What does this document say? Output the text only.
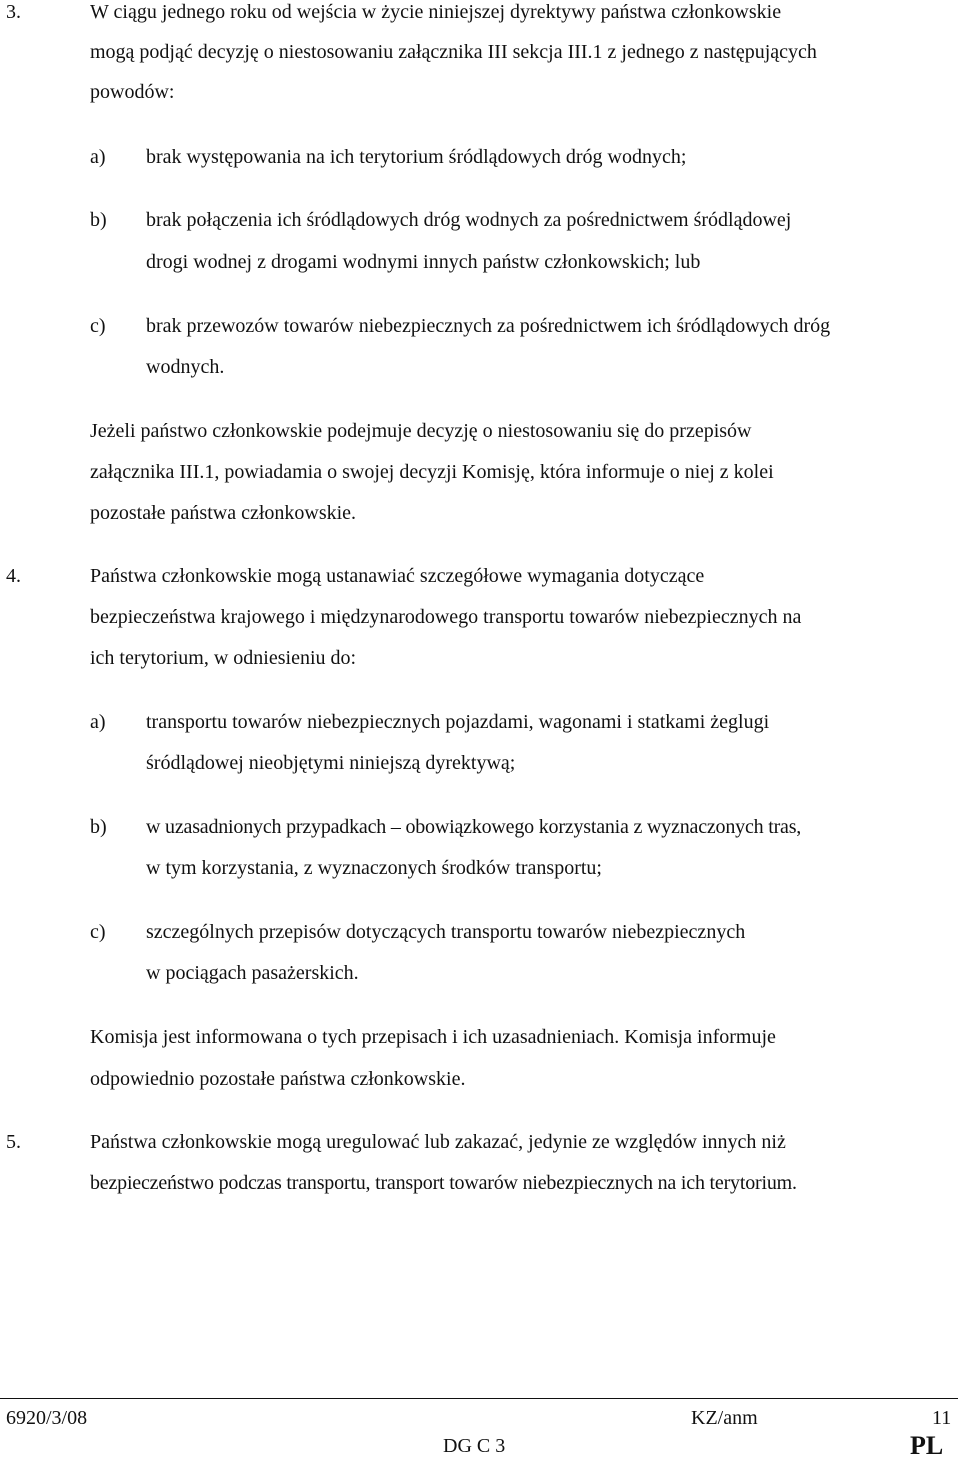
3.	W ciągu jednego roku od wejścia w życie niniejszej dyrektywy państwa członkowskie
mogą podjąć decyzję o niestosowaniu załącznika III sekcja III.1 z jednego z następujących
powodów:
a) brak występowania na ich terytorium śródlądowych dróg wodnych;
b) brak połączenia ich śródlądowych dróg wodnych za pośrednictwem śródlądowej
drogi wodnej z drogami wodnymi innych państw członkowskich; lub
c) brak przewozów towarów niebezpiecznych za pośrednictwem ich śródlądowych dróg
wodnych.
Jeżeli państwo członkowskie podejmuje decyzję o niestosowaniu się do przepisów
załącznika III.1, powiadamia o swojej decyzji Komisję, która informuje o niej z kolei
pozostałe państwa członkowskie.
4.	Państwa członkowskie mogą ustanawiać szczegółowe wymagania dotyczące
bezpieczeństwa krajowego i międzynarodowego transportu towarów niebezpiecznych na
ich terytorium, w odniesieniu do:
a) transportu towarów niebezpiecznych pojazdami, wagonami i statkami żeglugi
śródlądowej nieobjętymi niniejszą dyrektywą;
b) w uzasadnionych przypadkach – obowiązkowego korzystania z wyznaczonych tras,
w tym korzystania, z wyznaczonych środków transportu;
c) szczególnych przepisów dotyczących transportu towarów niebezpiecznych
w pociągach pasażerskich.
Komisja jest informowana o tych przepisach i ich uzasadnieniach. Komisja informuje
odpowiednio pozostałe państwa członkowskie.
5.	Państwa członkowskie mogą uregulować lub zakazać, jedynie ze względów innych niż
bezpieczeństwo podczas transportu, transport towarów niebezpiecznych na ich terytorium.
6920/3/08	KZ/anm	11
DG C 3	PL
